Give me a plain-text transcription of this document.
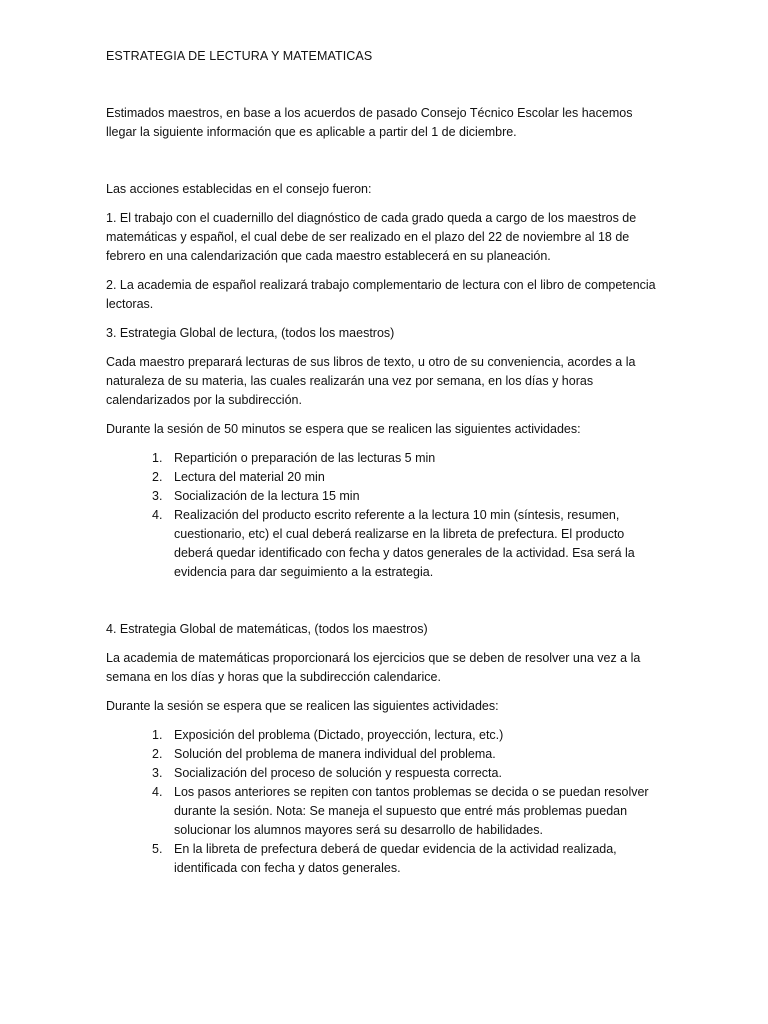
ESTRATEGIA DE LECTURA Y MATEMATICAS

Estimados maestros, en base a los acuerdos de pasado Consejo Técnico Escolar les hacemos llegar la siguiente información que es aplicable a partir del 1 de diciembre.

Las acciones establecidas en el consejo fueron:

1. El trabajo con el cuadernillo del diagnóstico de cada grado queda a cargo de los maestros de matemáticas y español, el cual debe de ser realizado en el plazo del 22 de noviembre al 18 de febrero en una calendarización que cada maestro establecerá en su planeación.

2. La academia de español realizará trabajo complementario de lectura con el libro de competencia lectoras.

3. Estrategia Global de lectura, (todos los maestros)

Cada maestro preparará lecturas de sus libros de texto, u otro de su conveniencia, acordes a la naturaleza de su materia, las cuales realizarán una vez por semana, en los días y horas calendarizados por la subdirección.

Durante la sesión de 50 minutos se espera que se realicen las siguientes actividades:

1. Repartición o preparación de las lecturas 5 min
2. Lectura del material 20 min
3. Socialización de la lectura 15 min
4. Realización del producto escrito referente a la lectura 10 min (síntesis, resumen, cuestionario, etc) el cual deberá realizarse en la libreta de prefectura. El producto deberá quedar identificado con fecha y datos generales de la actividad. Esa será la evidencia para dar seguimiento a la estrategia.

4. Estrategia Global de matemáticas, (todos los maestros)

La academia de matemáticas proporcionará los ejercicios que se deben de resolver una vez a la semana en los días y horas que la subdirección calendarice.

Durante la sesión se espera que se realicen las siguientes actividades:

1. Exposición del problema (Dictado, proyección, lectura, etc.)
2. Solución del problema de manera individual del problema.
3. Socialización del proceso de solución y respuesta correcta.
4. Los pasos anteriores se repiten con tantos problemas se decida o se puedan resolver durante la sesión. Nota: Se maneja el supuesto que entré más problemas puedan solucionar los alumnos mayores será su desarrollo de habilidades.
5. En la libreta de prefectura deberá de quedar evidencia de la actividad realizada, identificada con fecha y datos generales.
